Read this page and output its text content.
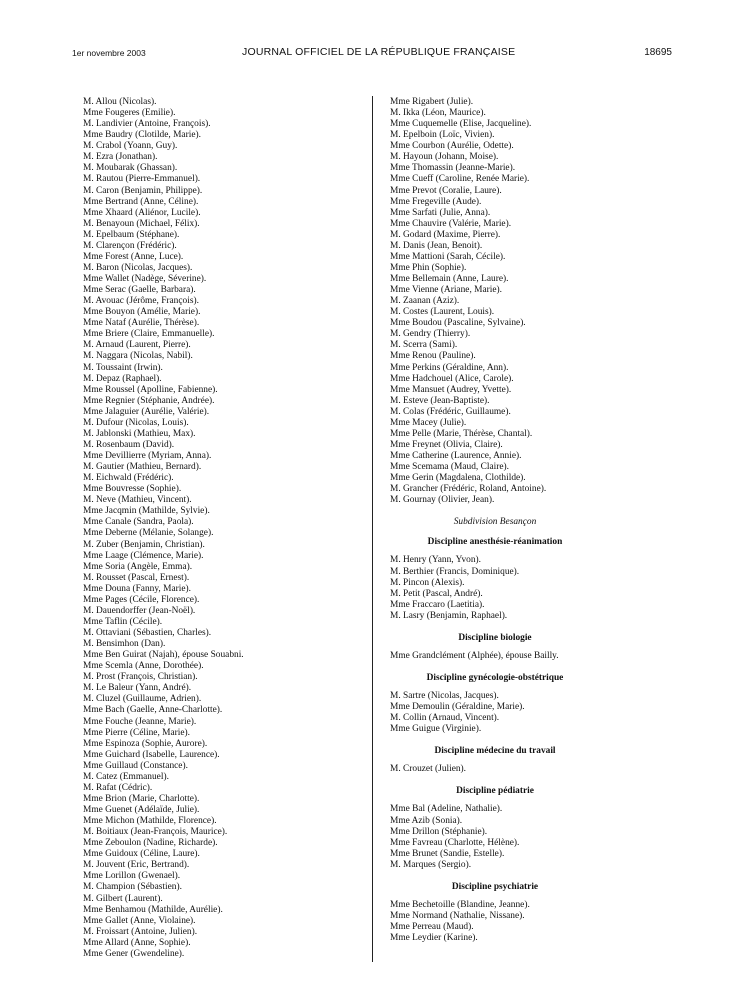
1er novembre 2003	JOURNAL OFFICIEL DE LA RÉPUBLIQUE FRANÇAISE	18695
M. Allou (Nicolas).
Mme Fougeres (Emilie).
M. Landivier (Antoine, François).
Mme Baudry (Clotilde, Marie).
M. Crabol (Yoann, Guy).
M. Ezra (Jonathan).
M. Moubarak (Ghassan).
M. Rautou (Pierre-Emmanuel).
M. Caron (Benjamin, Philippe).
Mme Bertrand (Anne, Céline).
Mme Xhaard (Aliénor, Lucile).
M. Benayoun (Michael, Félix).
M. Epelbaum (Stéphane).
M. Clarençon (Frédéric).
Mme Forest (Anne, Luce).
M. Baron (Nicolas, Jacques).
Mme Wallet (Nadège, Séverine).
Mme Serac (Gaelle, Barbara).
M. Avouac (Jérôme, François).
Mme Bouyon (Amélie, Marie).
Mme Nataf (Aurélie, Thérèse).
Mme Briere (Claire, Emmanuelle).
M. Arnaud (Laurent, Pierre).
M. Naggara (Nicolas, Nabil).
M. Toussaint (Irwin).
M. Depaz (Raphael).
Mme Roussel (Apolline, Fabienne).
Mme Regnier (Stéphanie, Andrée).
Mme Jalaguier (Aurélie, Valérie).
M. Dufour (Nicolas, Louis).
M. Jablonski (Mathieu, Max).
M. Rosenbaum (David).
Mme Devillierre (Myriam, Anna).
M. Gautier (Mathieu, Bernard).
M. Eichwald (Frédéric).
Mme Bouvresse (Sophie).
M. Neve (Mathieu, Vincent).
Mme Jacqmin (Mathilde, Sylvie).
Mme Canale (Sandra, Paola).
Mme Deberne (Mélanie, Solange).
M. Zuber (Benjamin, Christian).
Mme Laage (Clémence, Marie).
Mme Soria (Angèle, Emma).
M. Rousset (Pascal, Ernest).
Mme Douna (Fanny, Marie).
Mme Pages (Cécile, Florence).
M. Dauendorffer (Jean-Noël).
Mme Taflin (Cécile).
M. Ottaviani (Sébastien, Charles).
M. Bensimhon (Dan).
Mme Ben Guirat (Najah), épouse Souabni.
Mme Scemla (Anne, Dorothée).
M. Prost (François, Christian).
M. Le Baleur (Yann, André).
M. Cluzel (Guillaume, Adrien).
Mme Bach (Gaelle, Anne-Charlotte).
Mme Fouche (Jeanne, Marie).
Mme Pierre (Céline, Marie).
Mme Espinoza (Sophie, Aurore).
Mme Guichard (Isabelle, Laurence).
Mme Guillaud (Constance).
M. Catez (Emmanuel).
M. Rafat (Cédric).
Mme Brion (Marie, Charlotte).
Mme Guenet (Adélaïde, Julie).
Mme Michon (Mathilde, Florence).
M. Boitiaux (Jean-François, Maurice).
Mme Zeboulon (Nadine, Richarde).
Mme Guidoux (Céline, Laure).
M. Jouvent (Eric, Bertrand).
Mme Lorillon (Gwenael).
M. Champion (Sébastien).
M. Gilbert (Laurent).
Mme Benhamou (Mathilde, Aurélie).
Mme Gallet (Anne, Violaine).
M. Froissart (Antoine, Julien).
Mme Allard (Anne, Sophie).
Mme Gener (Gwendeline).
Mme Rigabert (Julie).
M. Ikka (Léon, Maurice).
Mme Cuquemelle (Elise, Jacqueline).
M. Epelboin (Loïc, Vivien).
Mme Courbon (Aurélie, Odette).
M. Hayoun (Johann, Moise).
Mme Thomassin (Jeanne-Marie).
Mme Cueff (Caroline, Renée Marie).
Mme Prevot (Coralie, Laure).
Mme Fregeville (Aude).
Mme Sarfati (Julie, Anna).
Mme Chauvire (Valérie, Marie).
M. Godard (Maxime, Pierre).
M. Danis (Jean, Benoit).
Mme Mattioni (Sarah, Cécile).
Mme Phin (Sophie).
Mme Bellemain (Anne, Laure).
Mme Vienne (Ariane, Marie).
M. Zaanan (Aziz).
M. Costes (Laurent, Louis).
Mme Boudou (Pascaline, Sylvaine).
M. Gendry (Thierry).
M. Scerra (Sami).
Mme Renou (Pauline).
Mme Perkins (Géraldine, Ann).
Mme Hadchouel (Alice, Carole).
Mme Mansuet (Audrey, Yvette).
M. Esteve (Jean-Baptiste).
M. Colas (Frédéric, Guillaume).
Mme Macey (Julie).
Mme Pelle (Marie, Thérèse, Chantal).
Mme Freynet (Olivia, Claire).
Mme Catherine (Laurence, Annie).
Mme Scemama (Maud, Claire).
Mme Gerin (Magdalena, Clothilde).
M. Grancher (Frédéric, Roland, Antoine).
M. Gournay (Olivier, Jean).
Subdivision Besançon
Discipline anesthésie-réanimation
M. Henry (Yann, Yvon).
M. Berthier (Francis, Dominique).
M. Pincon (Alexis).
M. Petit (Pascal, André).
Mme Fraccaro (Laetitia).
M. Lasry (Benjamin, Raphael).
Discipline biologie
Mme Grandclément (Alphée), épouse Bailly.
Discipline gynécologie-obstétrique
M. Sartre (Nicolas, Jacques).
Mme Demoulin (Géraldine, Marie).
M. Collin (Arnaud, Vincent).
Mme Guigue (Virginie).
Discipline médecine du travail
M. Crouzet (Julien).
Discipline pédiatrie
Mme Bal (Adeline, Nathalie).
Mme Azib (Sonia).
Mme Drillon (Stéphanie).
Mme Favreau (Charlotte, Hélène).
Mme Brunet (Sandie, Estelle).
M. Marques (Sergio).
Discipline psychiatrie
Mme Bechetoille (Blandine, Jeanne).
Mme Normand (Nathalie, Nissane).
Mme Perreau (Maud).
Mme Leydier (Karine).
